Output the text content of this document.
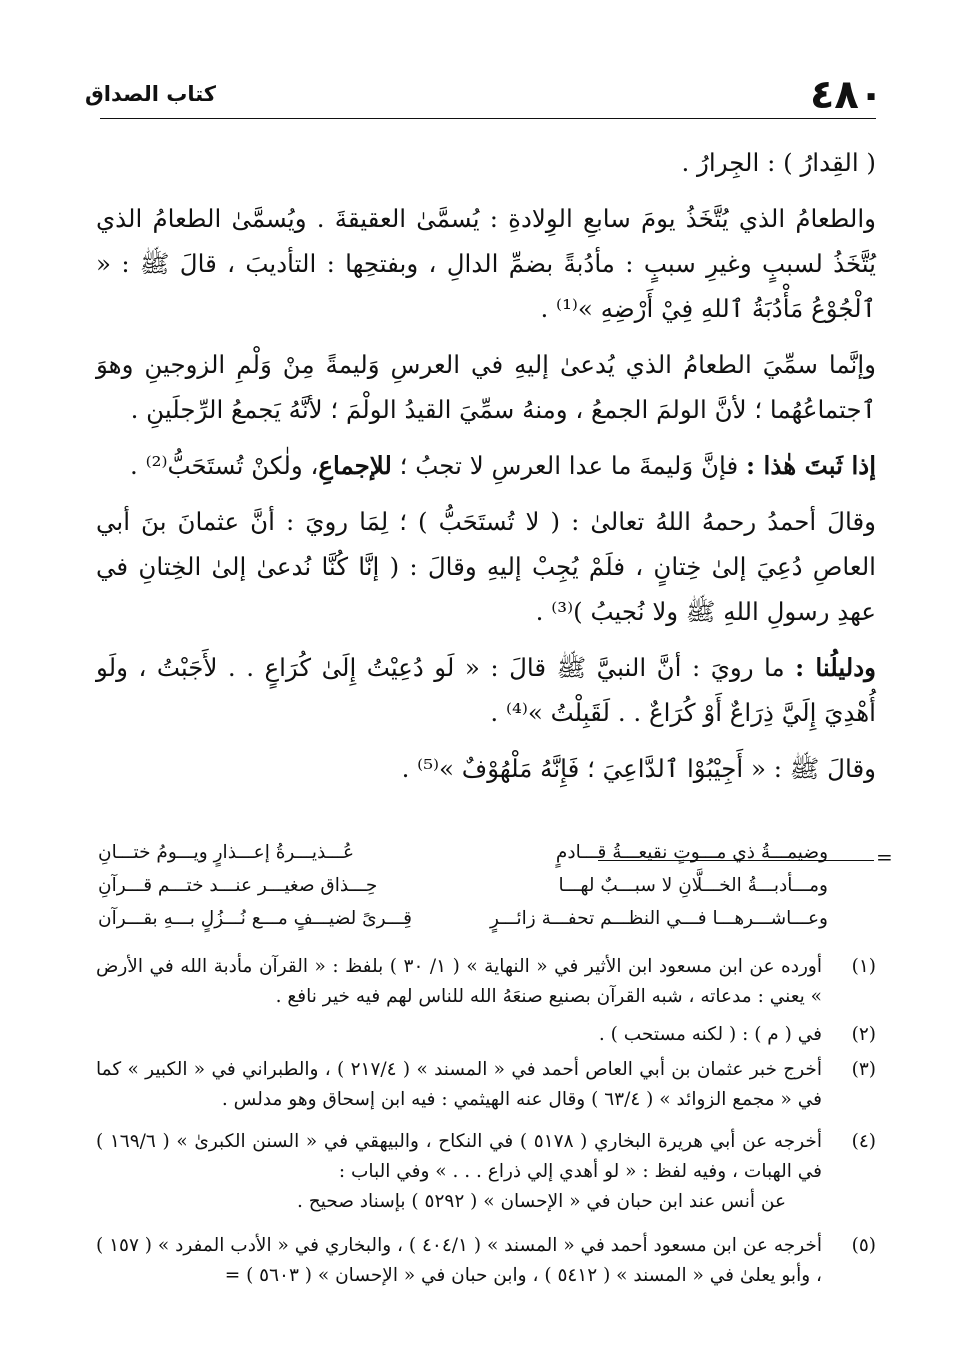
كتاب الصداق	٤٨٠

( القِدارُ ) : الجِرارُ .

والطعامُ الذي يُتَّخَذُ يومَ سابعِ الوِلادةِ : يُسمَّىٰ العقيقةَ . ويُسمَّىٰ الطعامُ الذي يُتَّخَذُ لسببٍ وغيرِ سببٍ : مأدُبةً بضمِّ الدالِ ، وبفتحِها : التأديبَ ، قالَ ﷺ : « ٱلْجُوْعُ مَأْدُبَةُ ٱللهِ فِيْ أَرْضِهِ »⁽¹⁾ .

وإنَّما سمِّيَ الطعامُ الذي يُدعىٰ إليهِ في العرسِ وَليمةً مِنْ وَلْمِ الزوجينِ وهوَ ٱجتماعُهُما ؛ لأنَّ الولمَ الجمعُ ، ومنهُ سمِّيَ القيدُ الولْمَ ؛ لأنَّهُ يَجمعُ الرِّجلَينِ .

إذا ثَبتَ هٰذا : فإنَّ وَليمةَ ما عدا العرسِ لا تجبُ ؛ للإجماعِ، ولٰكنْ تُستَحَبُّ⁽²⁾ .

وقالَ أحمدُ رحمهُ اللهُ تعالىٰ : ( لا تُستَحَبُّ ) ؛ لِمَا رويَ : أنَّ عثمانَ بنَ أبي العاصِ دُعِيَ إلىٰ خِتانٍ ، فلَمْ يُجِبْ إليهِ وقالَ : ( إنَّا كُنَّا نُدعىٰ إلىٰ الخِتانِ في عهدِ رسولِ اللهِ ﷺ ولا نُجيبُ )⁽³⁾ .

ودليلُنا : ما رويَ : أنَّ النبيَّ ﷺ قالَ : « لَو دُعِيْتُ إِلَىٰ كُرَاعٍ . . لأَجَبْتُ ، ولَو أُهْدِيَ إِلَيَّ ذِرَاعٌ أَوْ كُرَاعٌ . . لَقَبِلْتُ »⁽⁴⁾ .

وقالَ ﷺ : « أَجِيْبُوْا ٱلدَّاعِيَ ؛ فَإِنَّهُ مَلْهُوْفٌ »⁽⁵⁾ .

=
وضيمـــةُ ذي مـــوتٍ نقيعـــةُ قـــادمٍ
عُـــذيـــرةُ إعـــذارٍ ويـــومُ ختـــانِ
ومـــأدبـــةُ الخـــلَّانِ لا سبـــبٌ لهـــا
حِـــذاق صغيـــر عنـــد ختـــم قـــرآنِ
وعـــاشـــرهـــا فـــي النظـــم تحفـــة زائـــرٍ
قِـــرىً لضيـــفٍ مـــع نُـــزُلٍ بـــهِ بقـــرآن
(١)
أورده عن ابن مسعود ابن الأثير في « النهاية » ( ١/ ٣٠ ) بلفظ : « القرآن مأدبة الله في الأرض » يعني : مدعاته ، شبه القرآن بصنيع صنعَهُ الله للناس لهم فيه خير نافع .
(٢)
في ( م ) : ( لكنه مستحب ) .
(٣)
أخرج خبر عثمان بن أبي العاص أحمد في « المسند » ( ٢١٧/٤ ) ، والطبراني في « الكبير » كما في « مجمع الزوائد » ( ٦٣/٤ ) وقال عنه الهيثمي : فيه ابن إسحاق وهو مدلس .
(٤)
أخرجه عن أبي هريرة البخاري ( ٥١٧٨ ) في النكاح ، والبيهقي في « السنن الكبرىٰ » ( ١٦٩/٦ ) في الهبات ، وفيه لفظ : « لو أهدي إلي ذراع . . . » وفي الباب :
عن أنس عند ابن حبان في « الإحسان » ( ٥٢٩٢ ) بإسناد صحيح .
(٥)
أخرجه عن ابن مسعود أحمد في « المسند » ( ٤٠٤/١ ) ، والبخاري في « الأدب المفرد » ( ١٥٧ ) ، وأبو يعلىٰ في « المسند » ( ٥٤١٢ ) ، وابن حبان في « الإحسان » ( ٥٦٠٣ ) =
